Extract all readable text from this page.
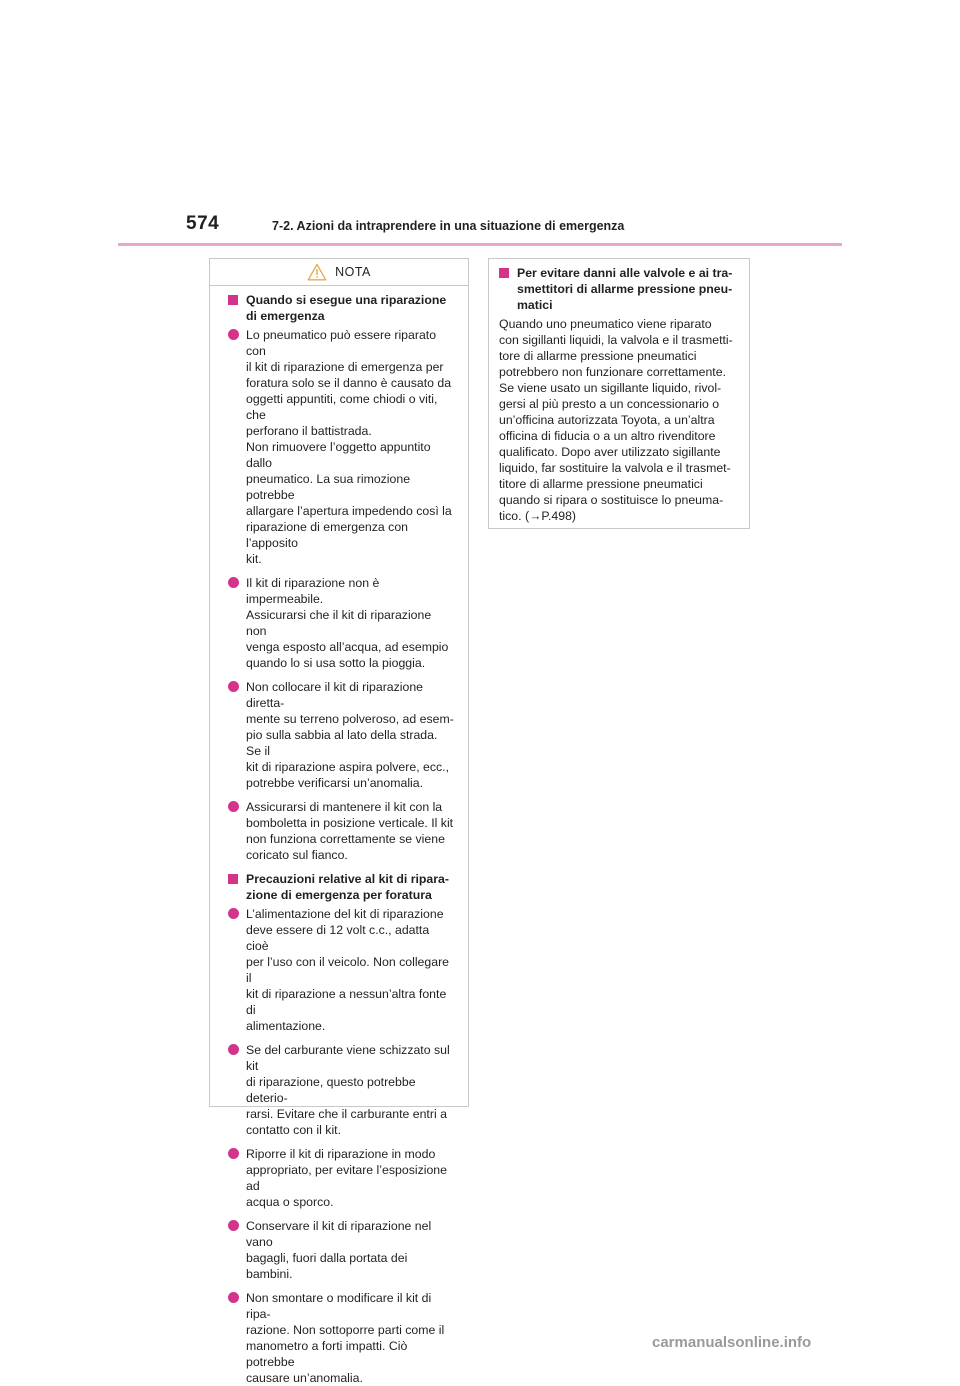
574	7-2. Azioni da intraprendere in una situazione di emergenza
NOTA
Quando si esegue una riparazione di emergenza
Lo pneumatico può essere riparato con
il kit di riparazione di emergenza per
foratura solo se il danno è causato da
oggetti appuntiti, come chiodi o viti, che
perforano il battistrada.
Non rimuovere l’oggetto appuntito dallo
pneumatico. La sua rimozione potrebbe
allargare l’apertura impedendo così la
riparazione di emergenza con l’apposito
kit.
Il kit di riparazione non è impermeabile.
Assicurarsi che il kit di riparazione non
venga esposto all’acqua, ad esempio
quando lo si usa sotto la pioggia.
Non collocare il kit di riparazione diretta-
mente su terreno polveroso, ad esem-
pio sulla sabbia al lato della strada. Se il
kit di riparazione aspira polvere, ecc.,
potrebbe verificarsi un’anomalia.
Assicurarsi di mantenere il kit con la
bomboletta in posizione verticale. Il kit
non funziona correttamente se viene
coricato sul fianco.
Precauzioni relative al kit di ripara-zione di emergenza per foratura
L’alimentazione del kit di riparazione
deve essere di 12 volt c.c., adatta cioè
per l’uso con il veicolo. Non collegare il
kit di riparazione a nessun’altra fonte di
alimentazione.
Se del carburante viene schizzato sul kit
di riparazione, questo potrebbe deterio-
rarsi. Evitare che il carburante entri a
contatto con il kit.
Riporre il kit di riparazione in modo
appropriato, per evitare l’esposizione ad
acqua o sporco.
Conservare il kit di riparazione nel vano
bagagli, fuori dalla portata dei bambini.
Non smontare o modificare il kit di ripa-
razione. Non sottoporre parti come il
manometro a forti impatti. Ciò potrebbe
causare un’anomalia.
Per evitare danni alle valvole e ai tra-smettitori di allarme pressione pneu-matici
Quando uno pneumatico viene riparato
con sigillanti liquidi, la valvola e il trasmetti-
tore di allarme pressione pneumatici
potrebbero non funzionare correttamente.
Se viene usato un sigillante liquido, rivol-
gersi al più presto a un concessionario o
un’officina autorizzata Toyota, a un’altra
officina di fiducia o a un altro rivenditore
qualificato. Dopo aver utilizzato sigillante
liquido, far sostituire la valvola e il trasmet-
titore di allarme pressione pneumatici
quando si ripara o sostituisce lo pneuma-
tico. (→P.498)
carmanualsonline.info
